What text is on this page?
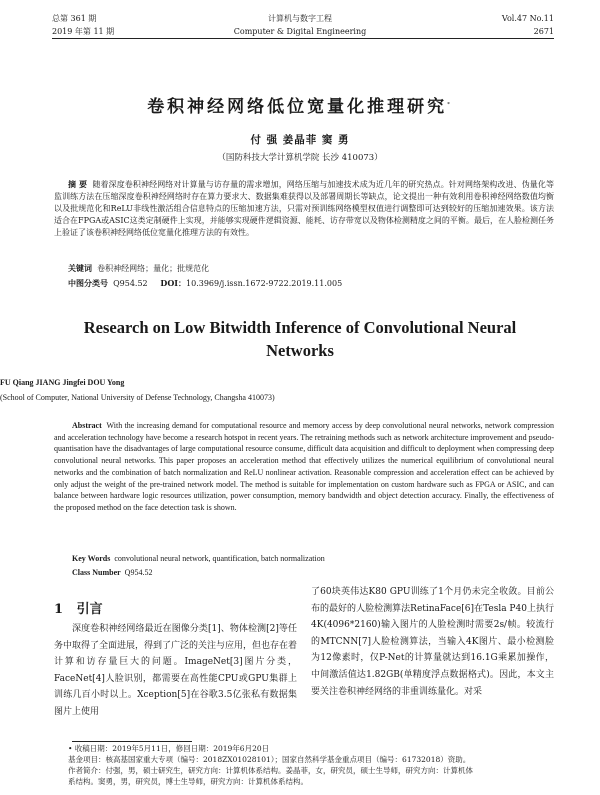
总第 361 期
2019 年第 11 期
计算机与数字工程
Computer & Digital Engineering
Vol.47 No.11
2671
卷积神经网络低位宽量化推理研究*
付 强 姜晶菲 窦 勇
（国防科技大学计算机学院 长沙 410073）
摘 要 随着深度卷积神经网络对计算量与访存量的需求增加，网络压缩与加速技术成为近几年的研究热点。针对网络架构改进、伪量化等监训练方法在压缩深度卷积神经网络时存在算力要求大、数据集难获得以及部署周期长等缺点，论文提出一种有效利用卷积神经网络数值均衡以及批规范化和ReLU非线性激活组合信息特点的压缩加速方法，只需对预训练网络模型权值进行调整即可达到较好的压缩加速效果。该方法适合在FPGA或ASIC这类定制硬件上实现，并能够实现硬件逻辑资源、能耗、访存带宽以及物体检测精度之间的平衡。最后，在人脸检测任务上验证了该卷积神经网络低位宽量化推理方法的有效性。
关键词 卷积神经网络；量化；批规范化
中图分类号 Q954.52 DOI：10.3969/j.issn.1672-9722.2019.11.005
Research on Low Bitwidth Inference of Convolutional Neural
Networks
FU Qiang JIANG Jingfei DOU Yong
(School of Computer, National University of Defense Technology, Changsha 410073)
Abstract With the increasing demand for computational resource and memory access by deep convolutional neural networks, network compression and acceleration technology have become a research hotspot in recent years. The retraining methods such as network architecture improvement and pseudo-quantisation have the disadvantages of large computational resource consume, difficult data acquisition and difficult to deployment when compressing deep convolutional neural networks. This paper proposes an acceleration method that effectively utilizes the numerical equilibrium of convolutional neural networks and the combination of batch normalization and ReLU nonlinear activation. Reasonable compression and acceleration effect can be achieved by only adjust the weight of the pre-trained network model. The method is suitable for implementation on custom hardware such as FPGA or ASIC, and can balance between hardware logic resources utilization, power consumption, memory bandwidth and object detection accuracy. Finally, the effectiveness of the proposed method on the face detection task is shown.
Key Words convolutional neural network, quantification, batch normalization
Class Number Q954.52
1 引言
深度卷积神经网络最近在图像分类[1]、物体检测[2]等任务中取得了全面进展，得到了广泛的关注与应用，但也存在着计算和访存量巨大的问题。ImageNet[3]图片分类，FaceNet[4]人脸识别，都需要在高性能CPU或GPU集群上训练几百小时以上。Xception[5]在谷歌3.5亿张私有数据集图片上使用
了60块英伟达K80 GPU训练了1个月仍未完全收敛。目前公布的最好的人脸检测算法RetinaFace[6]在Tesla P40上执行4K(4096*2160)输入图片的人脸检测时需要2s/帧。较流行的MTCNN[7]人脸检测算法，当输入4K图片、最小检测脸为12像素时，仅P-Net的计算量就达到16.1G乘累加操作，中间激活值达1.82GB(单精度浮点数据格式)。因此，本文主要关注卷积神经网络的非重训练量化。对采
• 收稿日期：2019年5月11日，修回日期：2019年6月20日
基金项目：核高基国家重大专项（编号：2018ZX01028101）；国家自然科学基金重点项目（编号：61732018）资助。
作者简介：付强，男，硕士研究生，研究方向：计算机体系结构。姜晶菲，女，研究员，硕士生导师，研究方向：计算机体
系结构。窦勇，男，研究员，博士生导师，研究方向：计算机体系结构。
